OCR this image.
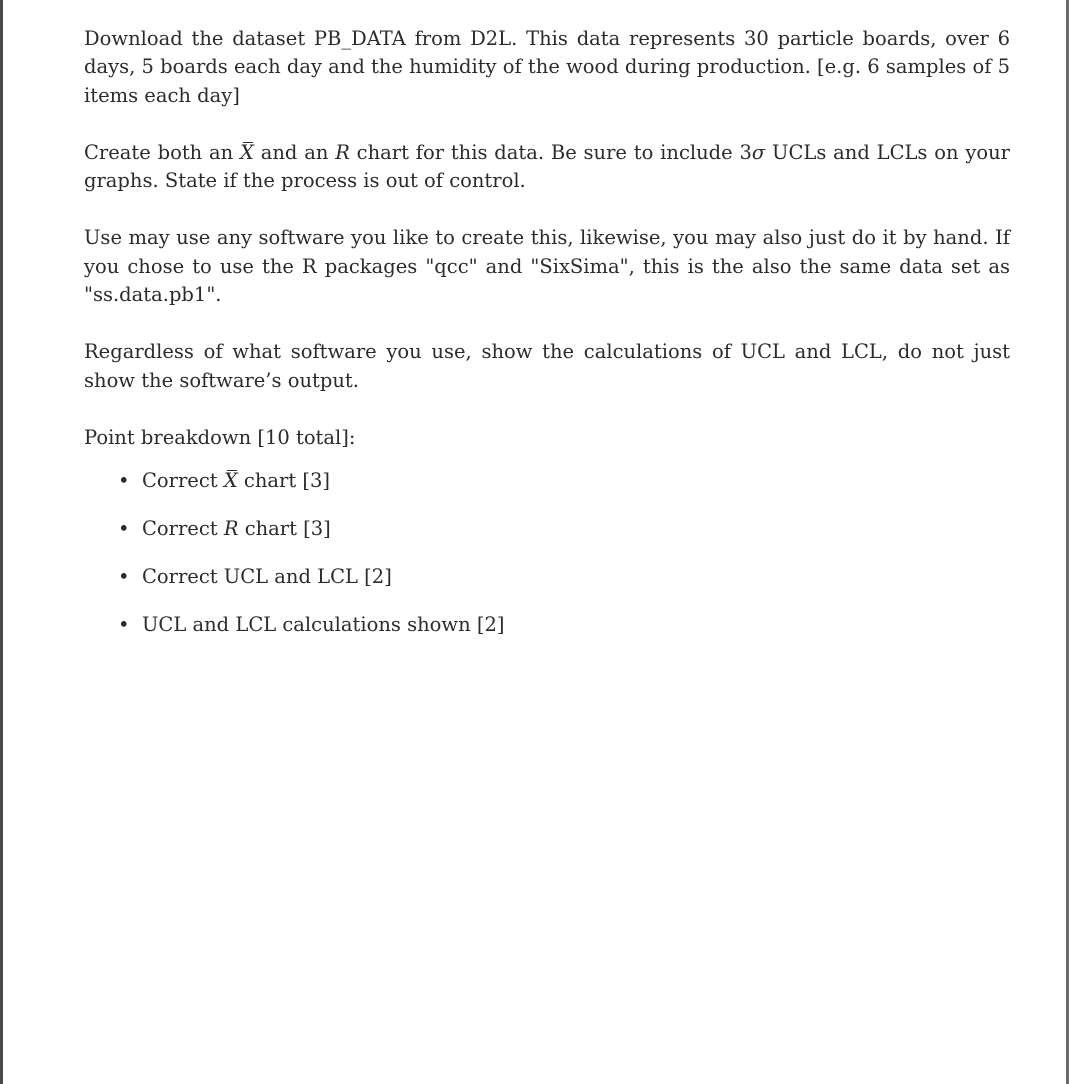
Download the dataset PB_DATA from D2L. This data represents 30 particle boards, over 6 days, 5 boards each day and the humidity of the wood during production. [e.g. 6 samples of 5 items each day]

Create both an X and an R chart for this data. Be sure to include 3σ UCLs and LCLs on your graphs. State if the process is out of control.

Use may use any software you like to create this, likewise, you may also just do it by hand. If you chose to use the R packages "qcc" and "SixSima", this is the also the same data set as "ss.data.pb1".

Regardless of what software you use, show the calculations of UCL and LCL, do not just show the software’s output.

Point breakdown [10 total]:

• Correct X chart [3]
• Correct R chart [3]
• Correct UCL and LCL [2]
• UCL and LCL calculations shown [2]
